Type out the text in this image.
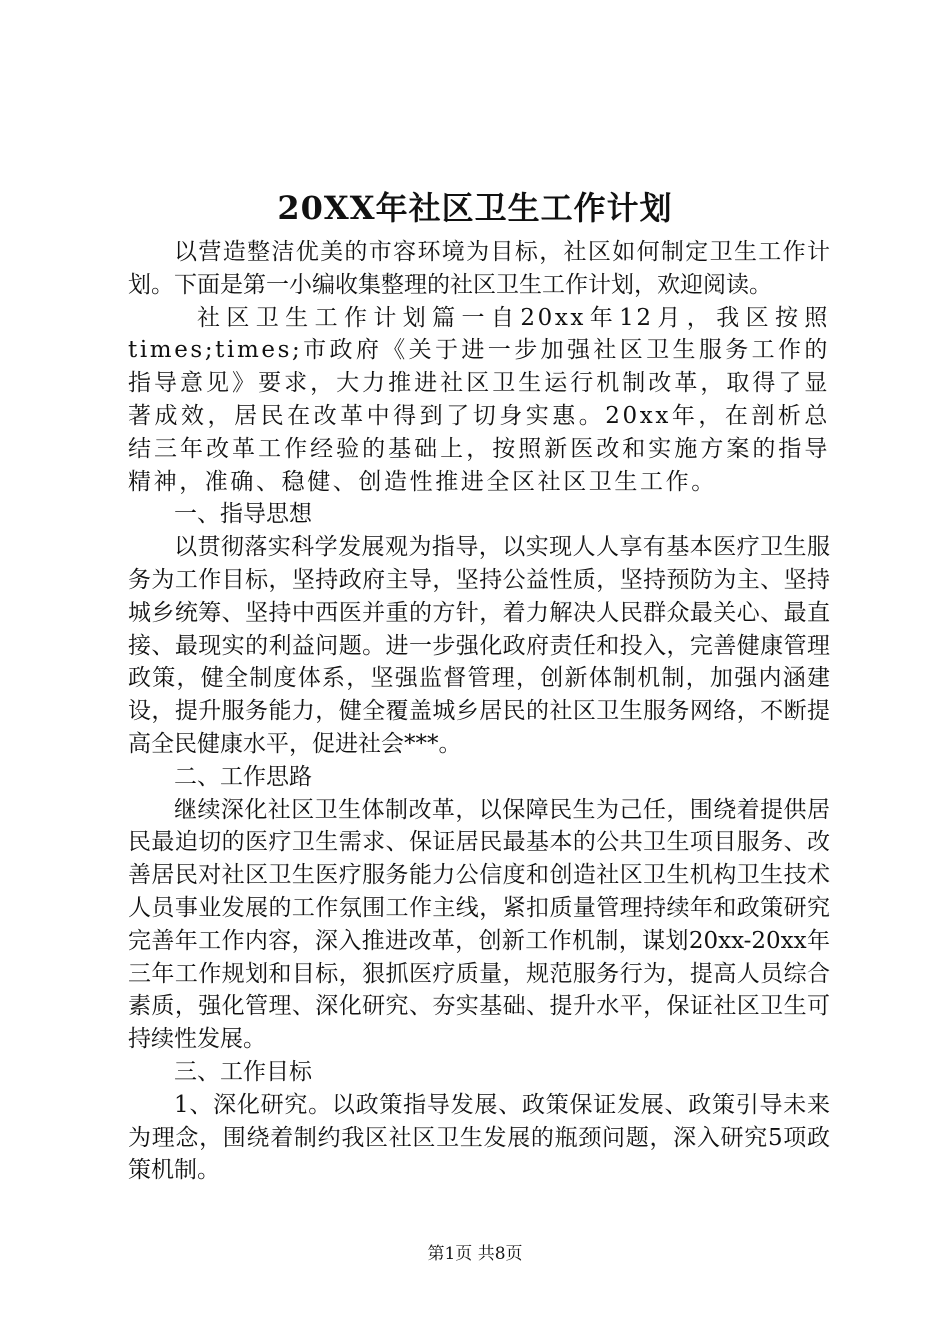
20XX年社区卫生工作计划

以营造整洁优美的市容环境为目标，社区如何制定卫生工作计划。下面是第一小编收集整理的社区卫生工作计划，欢迎阅读。

社区卫生工作计划篇一自20xx年12月，我区按照times;times;市政府《关于进一步加强社区卫生服务工作的指导意见》要求，大力推进社区卫生运行机制改革，取得了显著成效，居民在改革中得到了切身实惠。20xx年，在剖析总结三年改革工作经验的基础上，按照新医改和实施方案的指导精神，准确、稳健、创造性推进全区社区卫生工作。

一、指导思想

以贯彻落实科学发展观为指导，以实现人人享有基本医疗卫生服务为工作目标，坚持政府主导，坚持公益性质，坚持预防为主、坚持城乡统筹、坚持中西医并重的方针，着力解决人民群众最关心、最直接、最现实的利益问题。进一步强化政府责任和投入，完善健康管理政策，健全制度体系，坚强监督管理，创新体制机制，加强内涵建设，提升服务能力，健全覆盖城乡居民的社区卫生服务网络，不断提高全民健康水平，促进社会***。

二、工作思路

继续深化社区卫生体制改革，以保障民生为己任，围绕着提供居民最迫切的医疗卫生需求、保证居民最基本的公共卫生项目服务、改善居民对社区卫生医疗服务能力公信度和创造社区卫生机构卫生技术人员事业发展的工作氛围工作主线，紧扣质量管理持续年和政策研究完善年工作内容，深入推进改革，创新工作机制，谋划20xx-20xx年三年工作规划和目标，狠抓医疗质量，规范服务行为，提高人员综合素质，强化管理、深化研究、夯实基础、提升水平，保证社区卫生可持续性发展。

三、工作目标

1、深化研究。以政策指导发展、政策保证发展、政策引导未来为理念，围绕着制约我区社区卫生发展的瓶颈问题，深入研究5项政策机制。

第1页 共8页
